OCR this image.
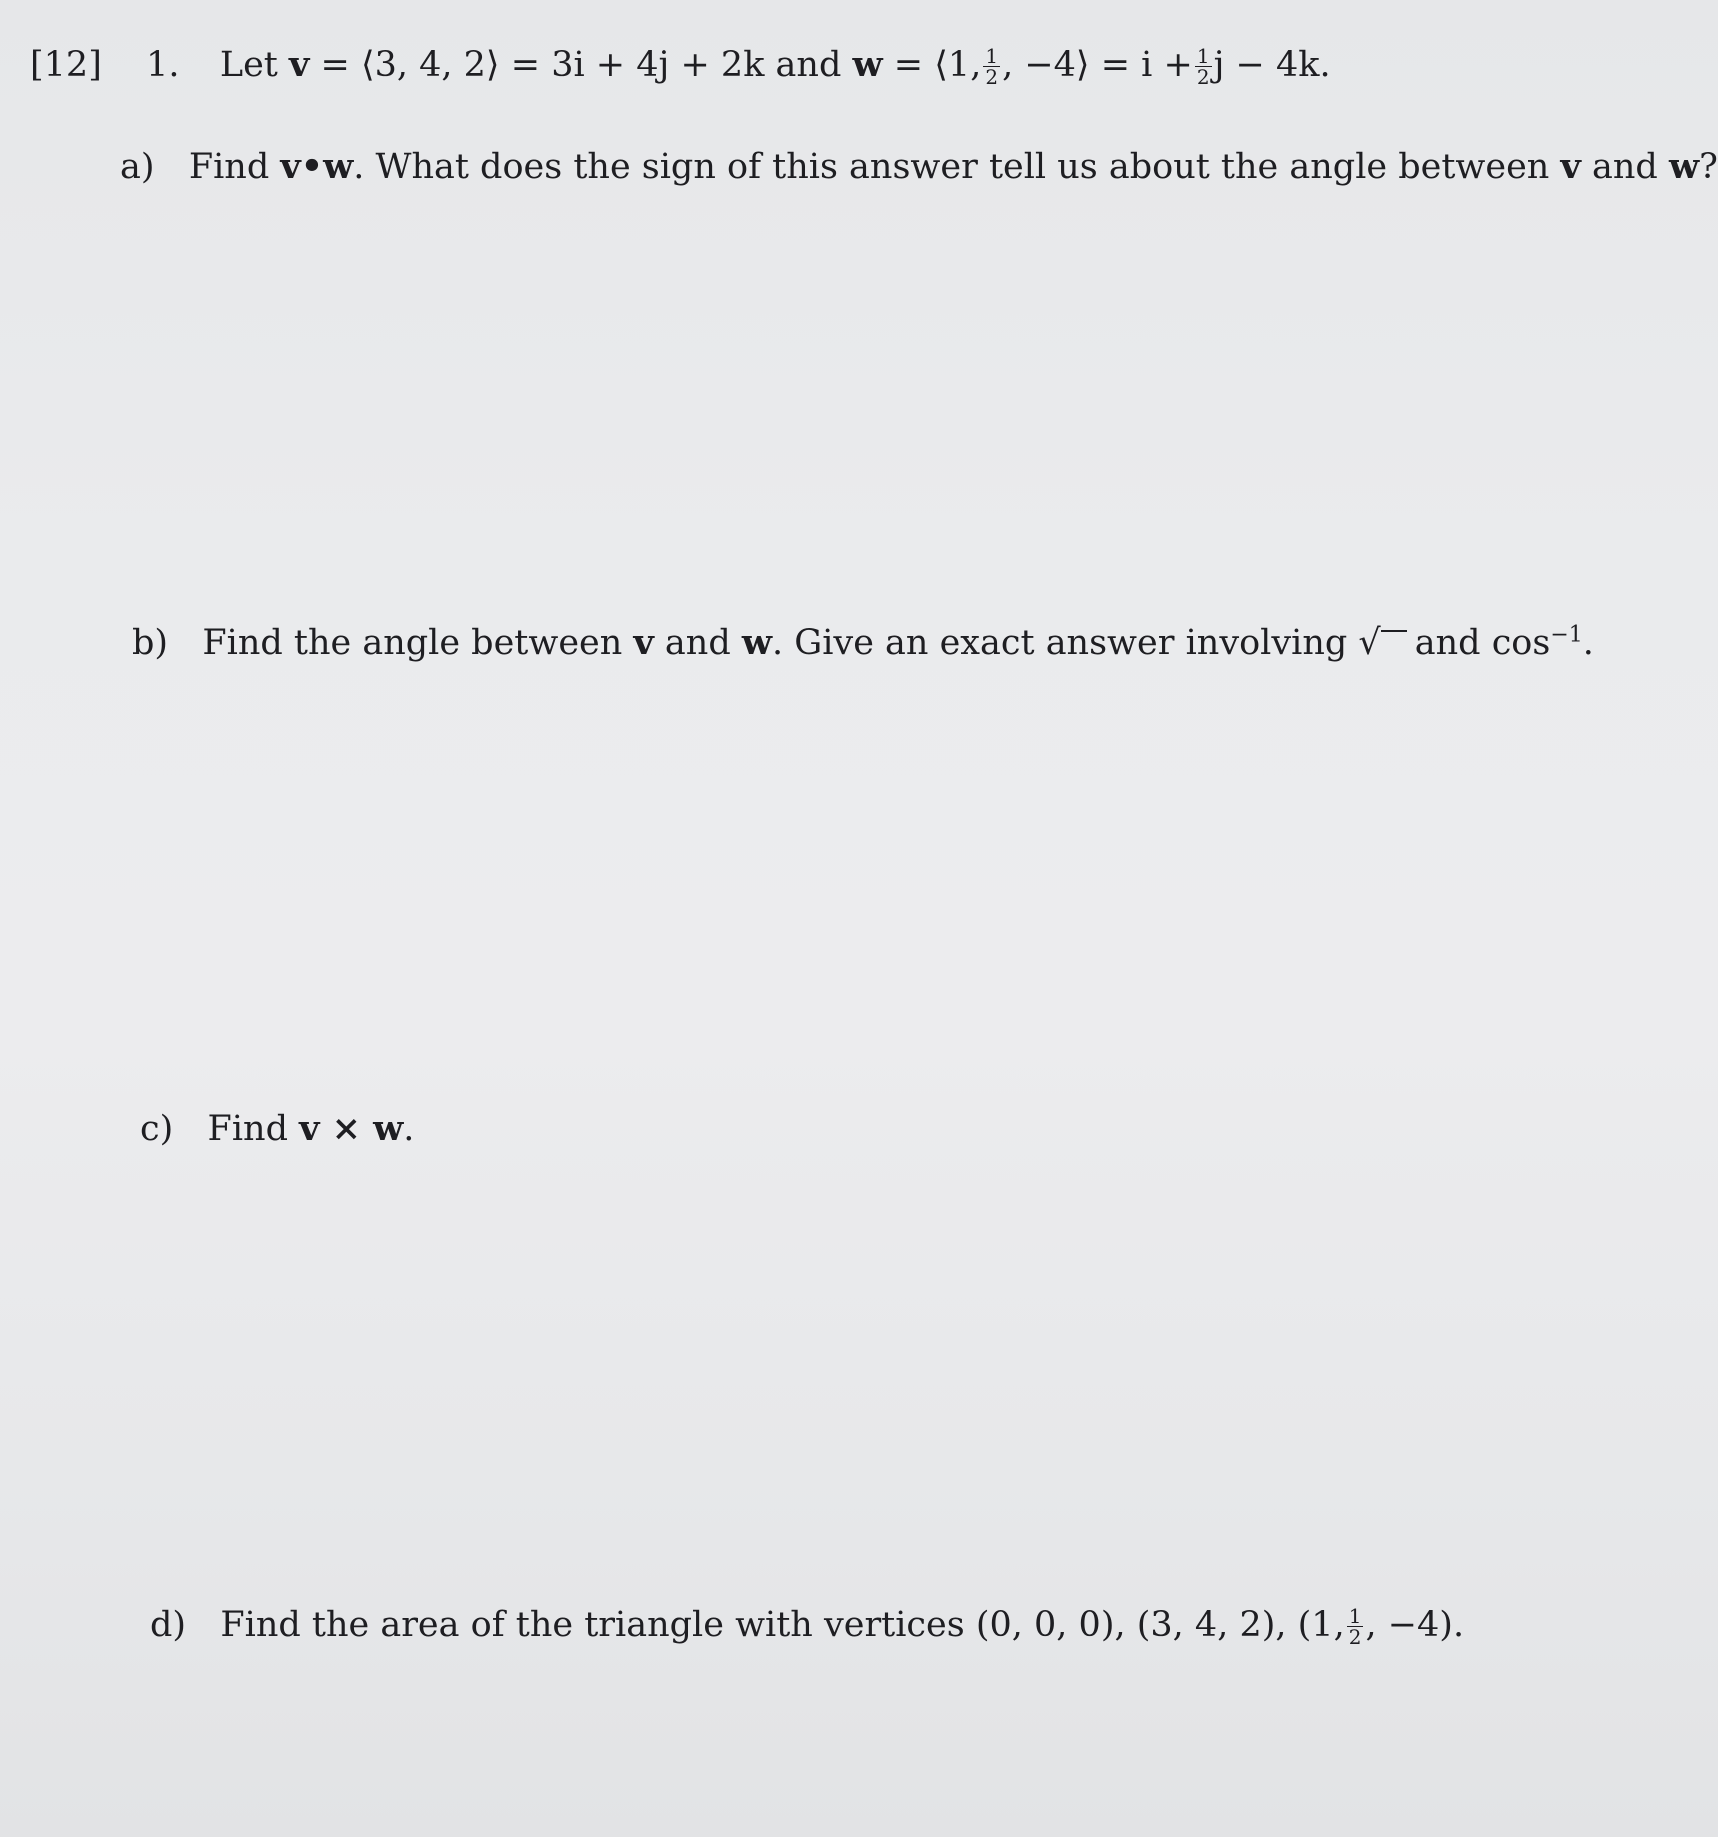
[12] 1. Let v = ⟨3, 4, 2⟩ = 3i + 4j + 2k and w = ⟨1, $\frac{1}{2}$ , −4⟩ = $i + \frac{1}{2}$ j − 4k.
a) Find v•w. What does the sign of this answer tell us about the angle between v and w?
b) Find the angle between v and w. Give an exact answer involving √ and $\cos^{-1}$.
c) Find v × w.
d) Find the area of the triangle with vertices (0, 0, 0), (3, 4, 2), (1, $\frac{1}{2}$ , −4).
